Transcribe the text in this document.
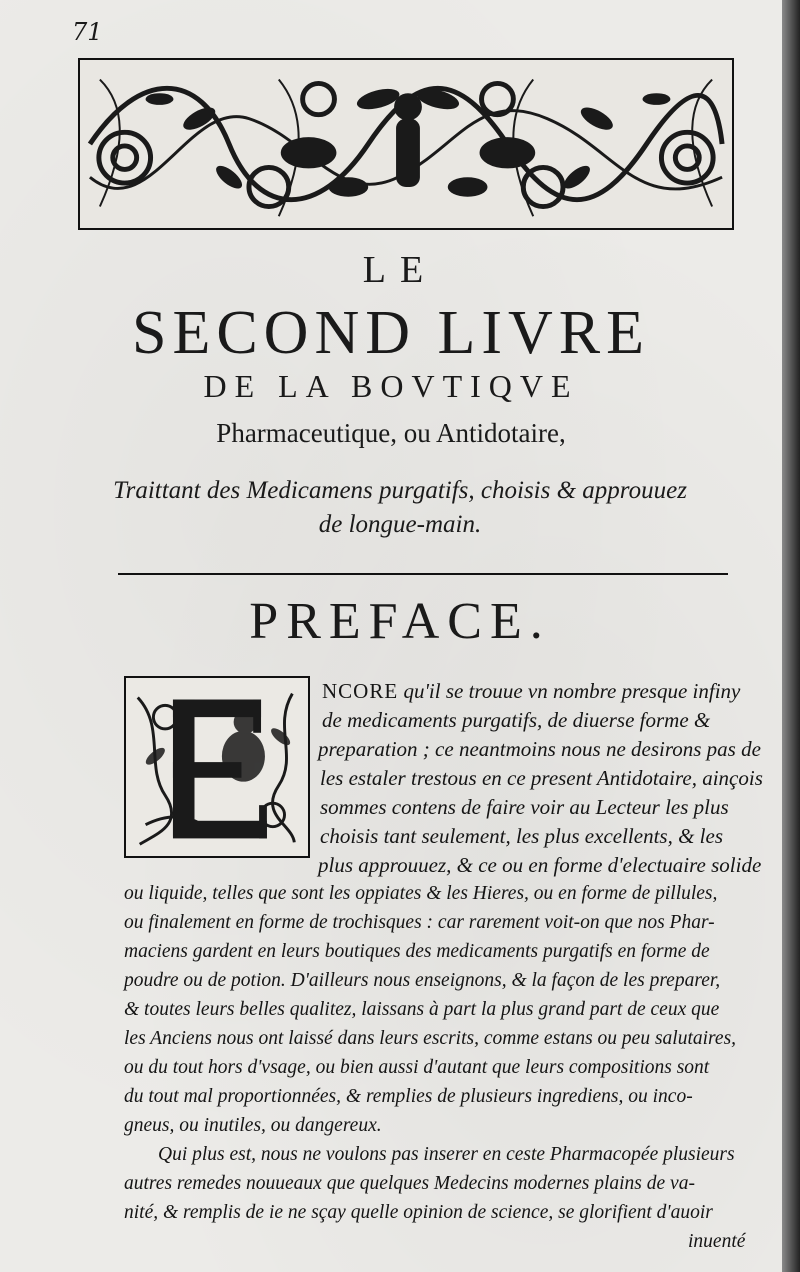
71
LE
SECOND LIVRE
DE LA BOVTIQVE
Pharmaceutique, ou Antidotaire,
Traittant des Medicamens purgatifs, choisis & approuuez
de longue-main.
PREFACE.
NCORE qu'il se trouue vn nombre presque infiny
de medicaments purgatifs, de diuerse forme &
preparation ; ce neantmoins nous ne desirons pas de
les estaler trestous en ce present Antidotaire, ainçois
sommes contens de faire voir au Lecteur les plus
choisis tant seulement, les plus excellents, & les
plus approuuez, & ce ou en forme d'electuaire solide
ou liquide, telles que sont les oppiates & les Hieres, ou en forme de pillules,
ou finalement en forme de trochisques : car rarement voit-on que nos Phar-
maciens gardent en leurs boutiques des medicaments purgatifs en forme de
poudre ou de potion. D'ailleurs nous enseignons, & la façon de les preparer,
& toutes leurs belles qualitez, laissans à part la plus grand part de ceux que
les Anciens nous ont laissé dans leurs escrits, comme estans ou peu salutaires,
ou du tout hors d'vsage, ou bien aussi d'autant que leurs compositions sont
du tout mal proportionnées, & remplies de plusieurs ingrediens, ou inco-
gneus, ou inutiles, ou dangereux.
Qui plus est, nous ne voulons pas inserer en ceste Pharmacopée plusieurs
autres remedes nouueaux que quelques Medecins modernes plains de va-
nité, & remplis de ie ne sçay quelle opinion de science, se glorifient d'auoir
inuenté
